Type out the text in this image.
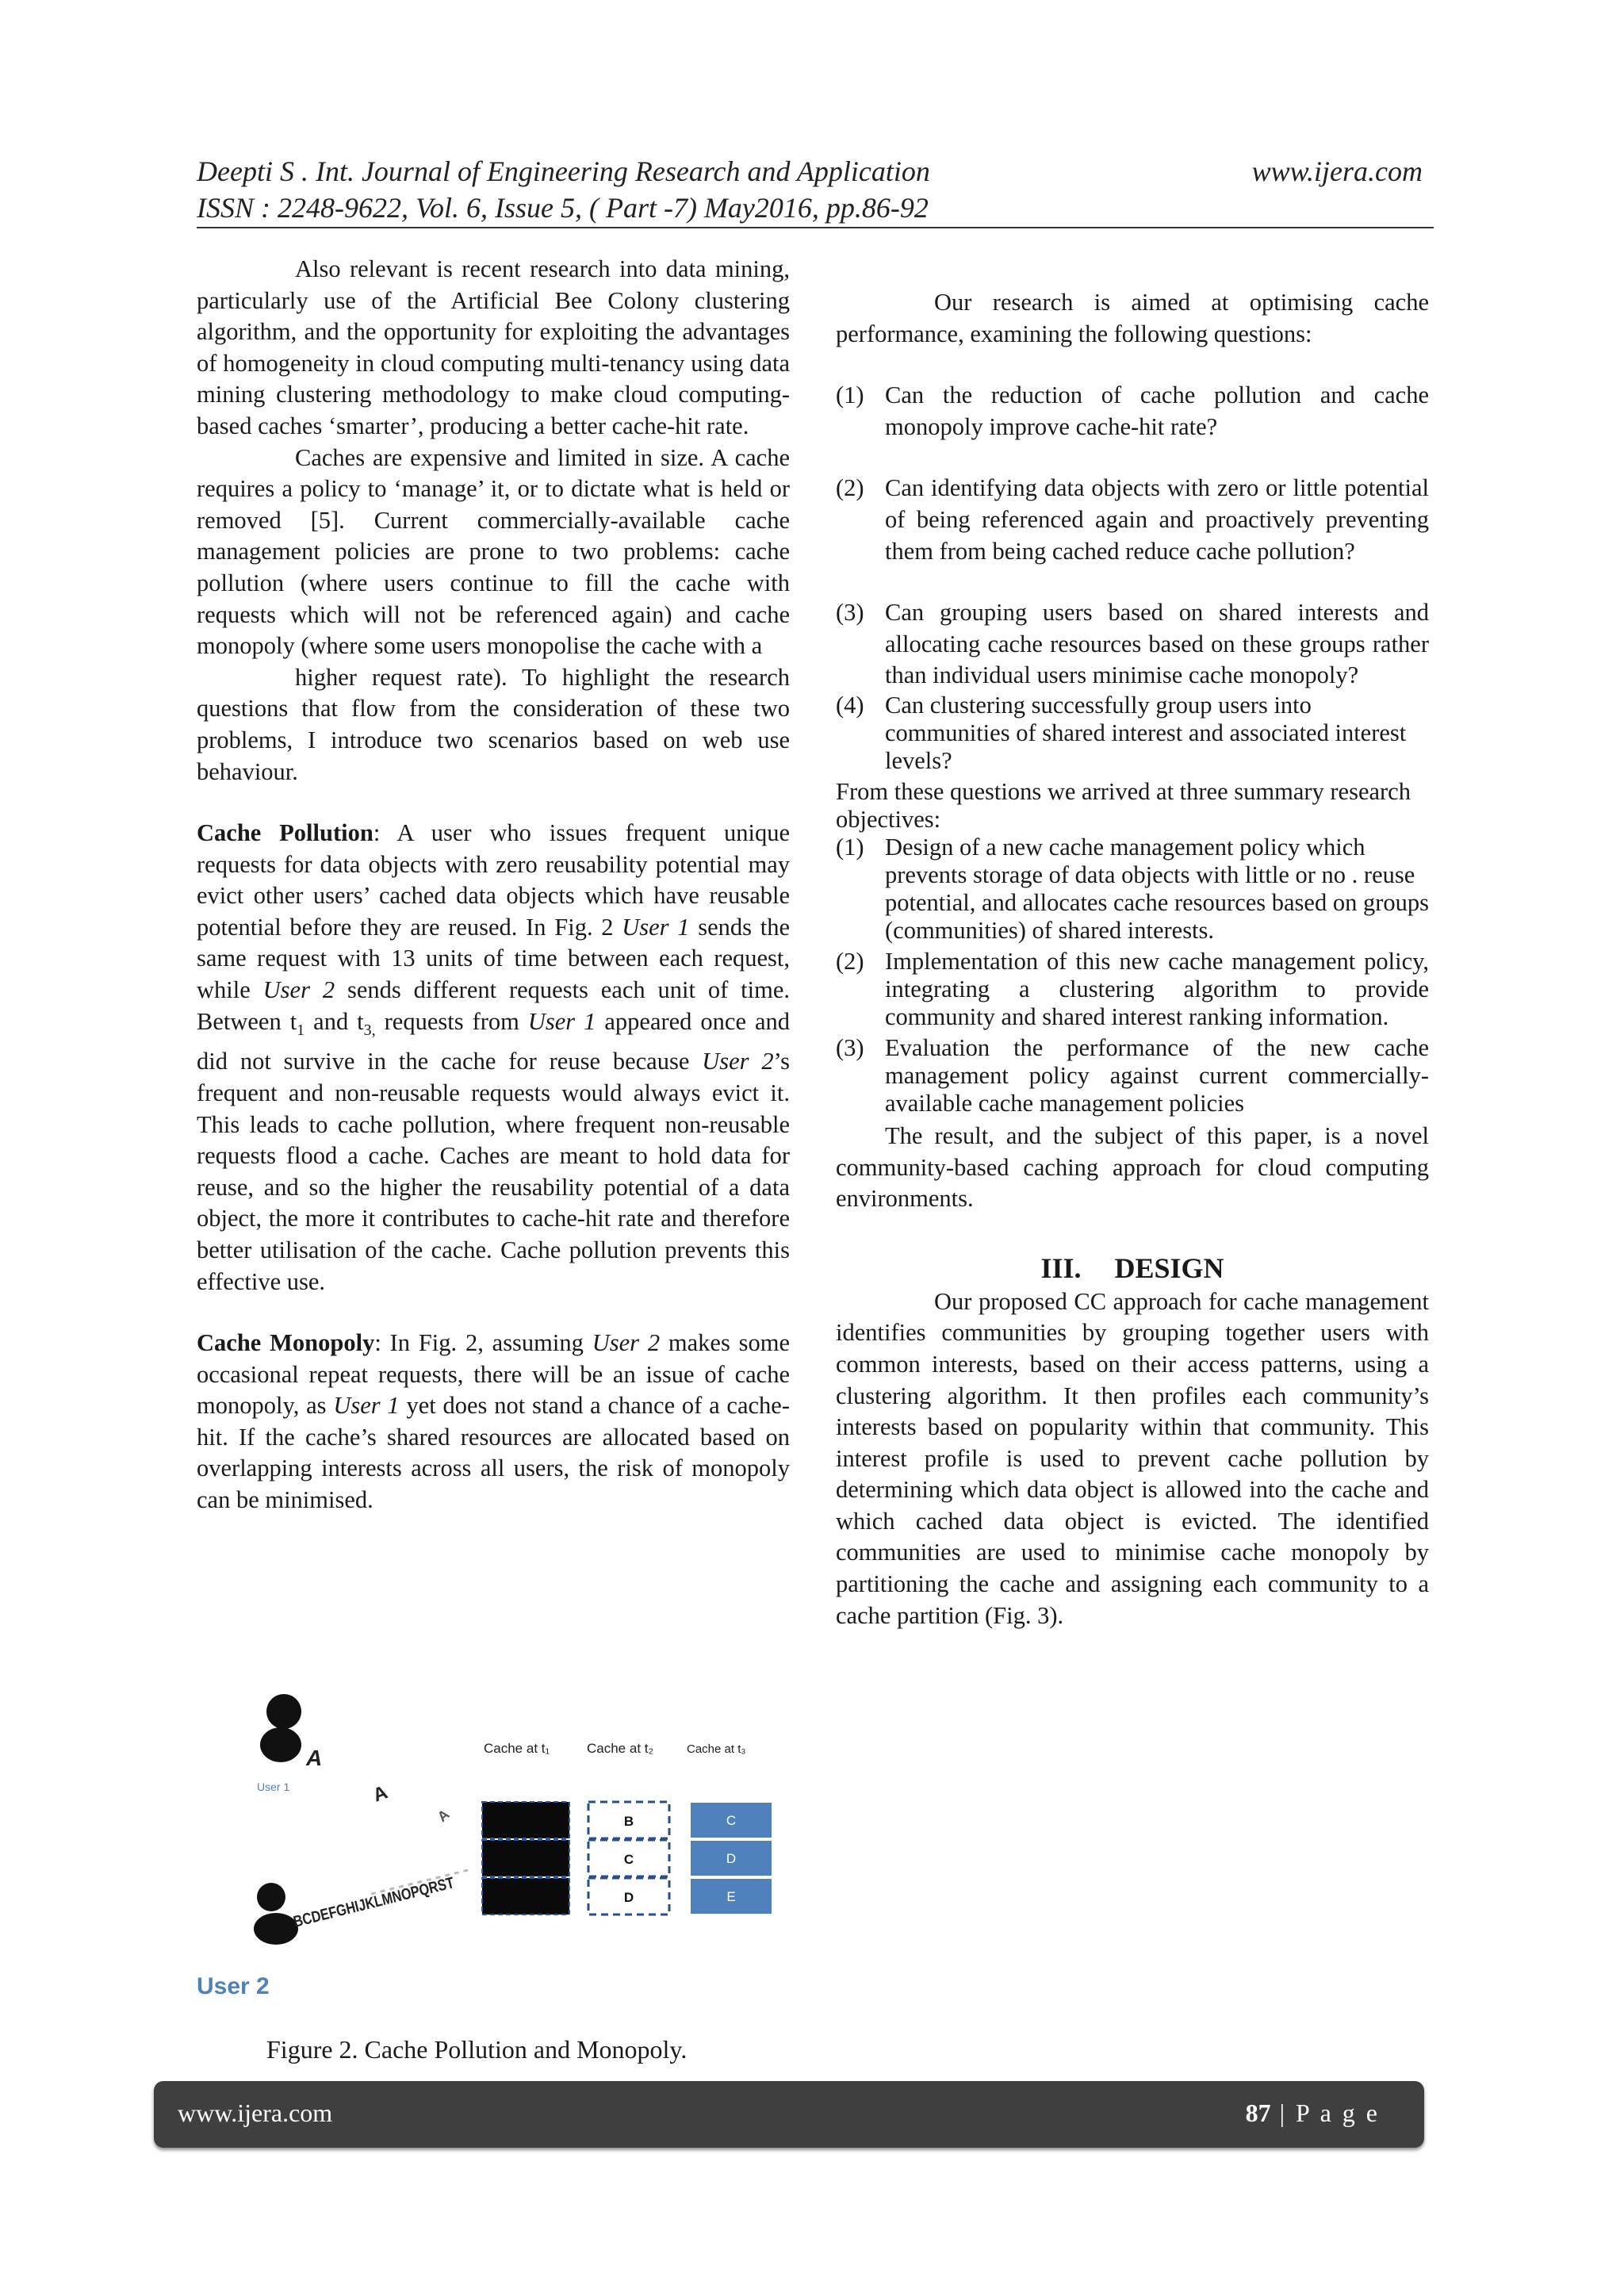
Deepti S . Int. Journal of Engineering Research and Application	www.ijera.com
ISSN : 2248-9622, Vol. 6, Issue 5, ( Part -7) May2016, pp.86-92

Also relevant is recent research into data mining, particularly use of the Artificial Bee Colony clustering algorithm, and the opportunity for exploiting the advantages of homogeneity in cloud computing multi-tenancy using data mining clustering methodology to make cloud computing-based caches ‘smarter’, producing a better cache-hit rate.

Caches are expensive and limited in size. A cache requires a policy to ‘manage’ it, or to dictate what is held or removed [5]. Current commercially-available cache management policies are prone to two problems: cache pollution (where users continue to fill the cache with requests which will not be referenced again) and cache monopoly (where some users monopolise the cache with a

higher request rate). To highlight the research questions that flow from the consideration of these two problems, I introduce two scenarios based on web use behaviour.

Cache Pollution: A user who issues frequent unique requests for data objects with zero reusability potential may evict other users’ cached data objects which have reusable potential before they are reused. In Fig. 2 User 1 sends the same request with 13 units of time between each request, while User 2 sends different requests each unit of time. Between $t_1$ and $t_{3,}$ requests from User 1 appeared once and did not survive in the cache for reuse because User 2’s frequent and non-reusable requests would always evict it. This leads to cache pollution, where frequent non-reusable requests flood a cache. Caches are meant to hold data for reuse, and so the higher the reusability potential of a data object, the more it contributes to cache-hit rate and therefore better utilisation of the cache. Cache pollution prevents this effective use.

Cache Monopoly: In Fig. 2, assuming User 2 makes some occasional repeat requests, there will be an issue of cache monopoly, as User 1 yet does not stand a chance of a cache-hit. If the cache’s shared resources are allocated based on overlapping interests across all users, the risk of monopoly can be minimised.

A
User 1	A
A
BCDEFGHIJKLMNOPQRST
Cache at t₁	Cache at t₂	Cache at t₃
B
C
D
C
D
E
User 2
Figure 2. Cache Pollution and Monopoly.

Our research is aimed at optimising cache performance, examining the following questions:

(1) Can the reduction of cache pollution and cache monopoly improve cache-hit rate?
(2) Can identifying data objects with zero or little potential of being referenced again and proactively preventing them from being cached reduce cache pollution?
(3) Can grouping users based on shared interests and allocating cache resources based on these groups rather than individual users minimise cache monopoly?
(4) Can clustering successfully group users into communities of shared interest and associated interest levels?

From these questions we arrived at three summary research objectives:

(1) Design of a new cache management policy which prevents storage of data objects with little or no . reuse potential, and allocates cache resources based on groups (communities) of shared interests.
(2) Implementation of this new cache management policy, integrating a clustering algorithm to provide community and shared interest ranking information.
(3) Evaluation the performance of the new cache management policy against current commercially-available cache management policies

The result, and the subject of this paper, is a novel community-based caching approach for cloud computing environments.

III. DESIGN

Our proposed CC approach for cache management identifies communities by grouping together users with common interests, based on their access patterns, using a clustering algorithm. It then profiles each community’s interests based on popularity within that community. This interest profile is used to prevent cache pollution by determining which data object is allowed into the cache and which cached data object is evicted. The identified communities are used to minimise cache monopoly by partitioning the cache and assigning each community to a cache partition (Fig. 3).

www.ijera.com	87 | P a g e
